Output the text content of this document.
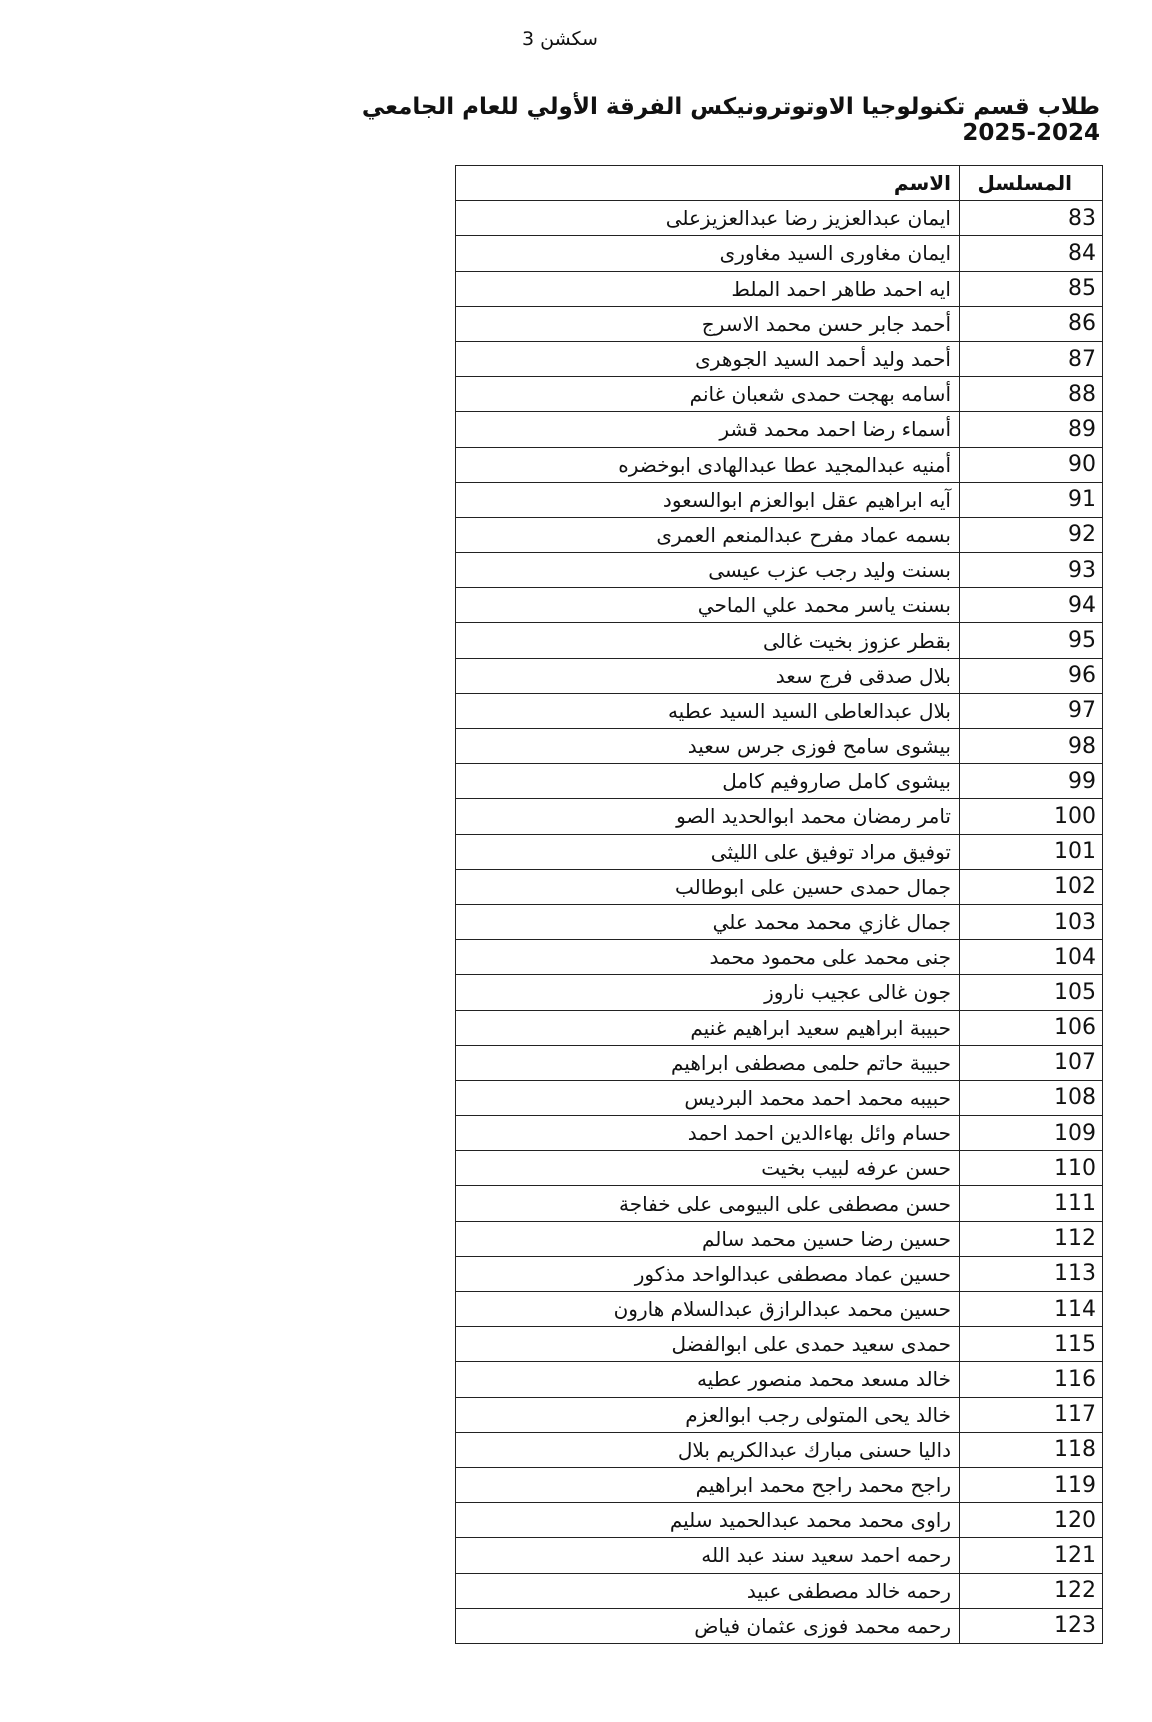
سكشن 3
طلاب قسم تكنولوجيا الاوتوترونيكس الفرقة الأولي للعام الجامعي 2024-2025
المسلسل	الاسم
83	ايمان عبدالعزيز رضا عبدالعزيزعلى
84	ايمان مغاورى السيد مغاورى
85	ايه احمد طاهر احمد الملط
86	أحمد جابر حسن محمد الاسرج
87	أحمد وليد أحمد السيد الجوهرى
88	أسامه بهجت حمدى شعبان غانم
89	أسماء رضا احمد محمد قشر
90	أمنيه عبدالمجيد عطا عبدالهادى ابوخضره
91	آيه ابراهيم عقل ابوالعزم ابوالسعود
92	بسمه عماد مفرح عبدالمنعم العمرى
93	بسنت وليد رجب عزب عيسى
94	بسنت ياسر محمد علي الماحي
95	بقطر عزوز بخيت غالى
96	بلال صدقى فرج سعد
97	بلال عبدالعاطى السيد السيد عطيه
98	بيشوى سامح فوزى جرس سعيد
99	بيشوى كامل صاروفيم كامل
100	تامر رمضان محمد ابوالحديد الصو
101	توفيق مراد توفيق على الليثى
102	جمال حمدى حسين على ابوطالب
103	جمال غازي محمد محمد علي
104	جنى محمد على محمود محمد
105	جون غالى عجيب ناروز
106	حبيبة ابراهيم سعيد ابراهيم غنيم
107	حبيبة حاتم حلمى مصطفى ابراهيم
108	حبيبه محمد احمد محمد البرديس
109	حسام وائل بهاءالدين احمد احمد
110	حسن عرفه لبيب بخيت
111	حسن مصطفى على البيومى على خفاجة
112	حسين رضا حسين محمد سالم
113	حسين عماد مصطفى عبدالواحد مذكور
114	حسين محمد عبدالرازق عبدالسلام هارون
115	حمدى سعيد حمدى على ابوالفضل
116	خالد مسعد محمد منصور عطيه
117	خالد يحى المتولى رجب ابوالعزم
118	داليا حسنى مبارك عبدالكريم بلال
119	راجح محمد راجح محمد ابراهيم
120	راوى محمد محمد عبدالحميد سليم
121	رحمه احمد سعيد سند عبد الله
122	رحمه خالد مصطفى عبيد
123	رحمه محمد فوزى عثمان فياض
